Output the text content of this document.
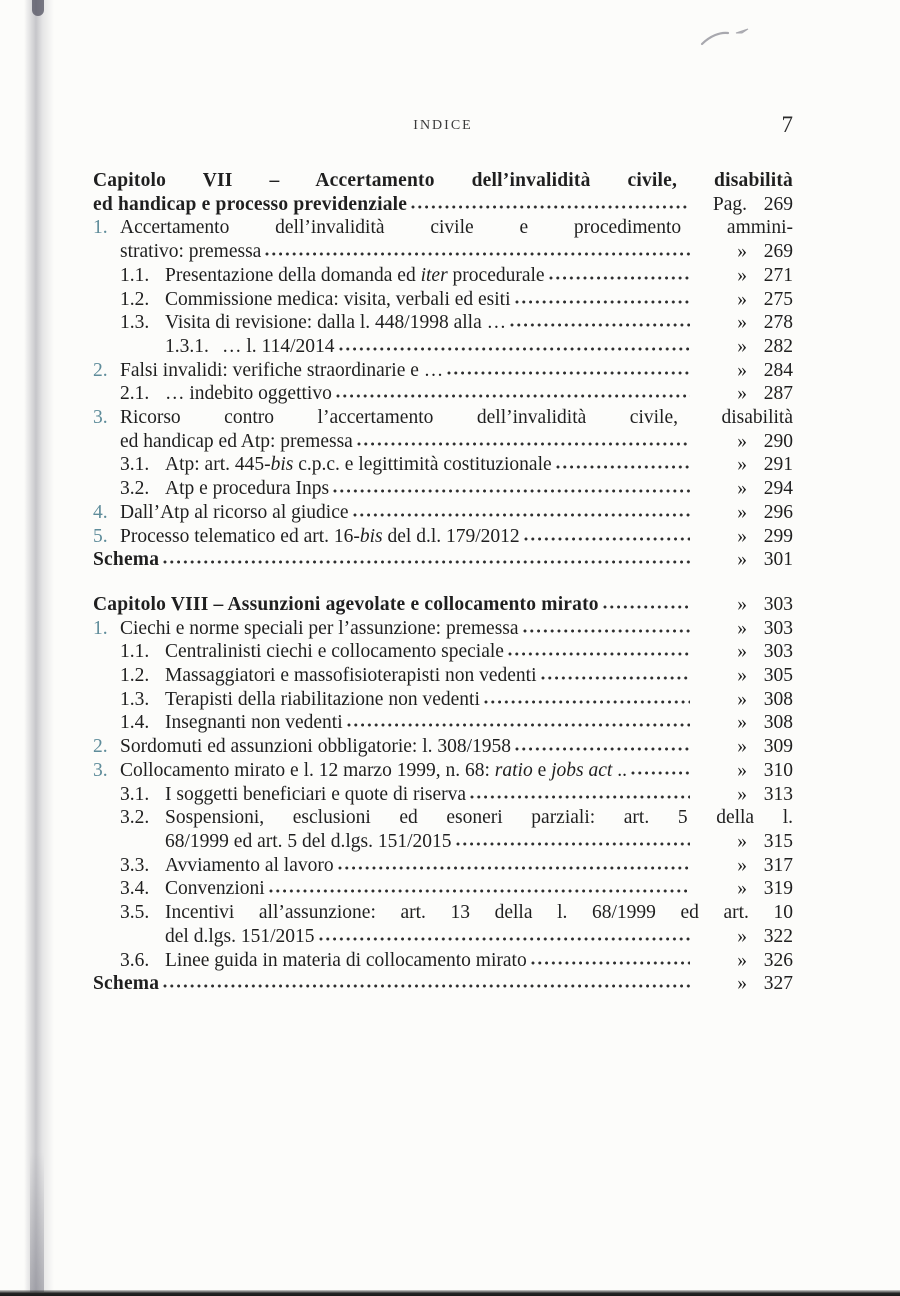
INDICE	7
Capitolo VII – Accertamento dell’invalidità civile, disabilità
ed handicap e processo previdenziale	Pag. 269
1. Accertamento dell’invalidità civile e procedimento ammini-
strativo: premessa	» 269
1.1. Presentazione della domanda ed iter procedurale	» 271
1.2. Commissione medica: visita, verbali ed esiti	» 275
1.3. Visita di revisione: dalla l. 448/1998 alla …	» 278
1.3.1. … l. 114/2014	» 282
2. Falsi invalidi: verifiche straordinarie e …	» 284
2.1. … indebito oggettivo	» 287
3. Ricorso contro l’accertamento dell’invalidità civile, disabilità
ed handicap ed Atp: premessa	» 290
3.1. Atp: art. 445-bis c.p.c. e legittimità costituzionale	» 291
3.2. Atp e procedura Inps	» 294
4. Dall’Atp al ricorso al giudice	» 296
5. Processo telematico ed art. 16-bis del d.l. 179/2012	» 299
Schema	» 301
Capitolo VIII – Assunzioni agevolate e collocamento mirato	» 303
1. Ciechi e norme speciali per l’assunzione: premessa	» 303
1.1. Centralinisti ciechi e collocamento speciale	» 303
1.2. Massaggiatori e massofisioterapisti non vedenti	» 305
1.3. Terapisti della riabilitazione non vedenti	» 308
1.4. Insegnanti non vedenti	» 308
2. Sordomuti ed assunzioni obbligatorie: l. 308/1958	» 309
3. Collocamento mirato e l. 12 marzo 1999, n. 68: ratio e jobs act ..	» 310
3.1. I soggetti beneficiari e quote di riserva	» 313
3.2. Sospensioni, esclusioni ed esoneri parziali: art. 5 della l.
68/1999 ed art. 5 del d.lgs. 151/2015	» 315
3.3. Avviamento al lavoro	» 317
3.4. Convenzioni	» 319
3.5. Incentivi all’assunzione: art. 13 della l. 68/1999 ed art. 10
del d.lgs. 151/2015	» 322
3.6. Linee guida in materia di collocamento mirato	» 326
Schema	» 327
